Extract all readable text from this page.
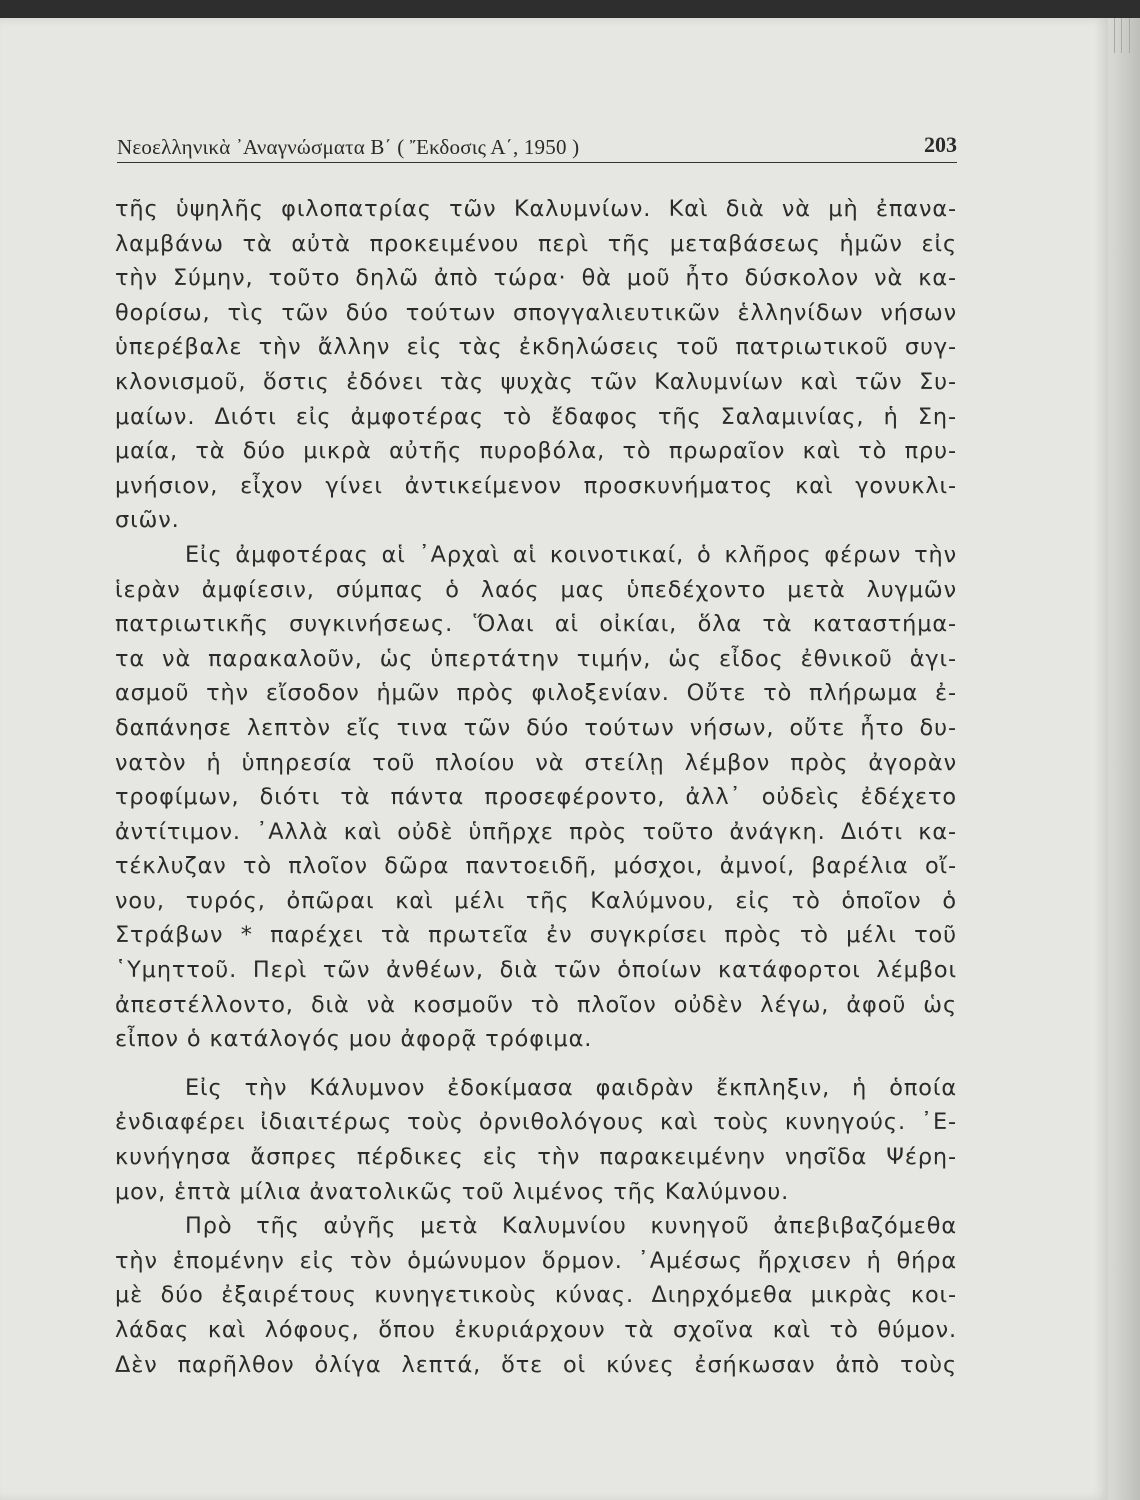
Νεοελληνικὰ ᾽Αναγνώσματα Β΄ ( Ἔκδοσις Α΄, 1950 )	203
τῆς ὑψηλῆς φιλοπατρίας τῶν Καλυμνίων. Καὶ διὰ νὰ μὴ ἐπανα-
λαμβάνω τὰ αὐτὰ προκειμένου περὶ τῆς μεταβάσεως ἡμῶν εἰς
τὴν Σύμην, τοῦτο δηλῶ ἀπὸ τώρα· θὰ μοῦ ἦτο δύσκολον νὰ κα-
θορίσω, τὶς τῶν δύο τούτων σπογγαλιευτικῶν ἑλληνίδων νήσων
ὑπερέβαλε τὴν ἄλλην εἰς τὰς ἐκδηλώσεις τοῦ πατριωτικοῦ συγ-
κλονισμοῦ, ὅστις ἐδόνει τὰς ψυχὰς τῶν Καλυμνίων καὶ τῶν Συ-
μαίων. Διότι εἰς ἀμφοτέρας τὸ ἔδαφος τῆς Σαλαμινίας, ἡ Ση-
μαία, τὰ δύο μικρὰ αὐτῆς πυροβόλα, τὸ πρωραῖον καὶ τὸ πρυ-
μνήσιον, εἶχον γίνει ἀντικείμενον προσκυνήματος καὶ γονυκλι-
σιῶν.
Εἰς ἀμφοτέρας αἱ ᾽Αρχαὶ αἱ κοινοτικαί, ὁ κλῆρος φέρων τὴν
ἱερὰν ἀμφίεσιν, σύμπας ὁ λαός μας ὑπεδέχοντο μετὰ λυγμῶν
πατριωτικῆς συγκινήσεως. Ὅλαι αἱ οἰκίαι, ὅλα τὰ καταστήμα-
τα νὰ παρακαλοῦν, ὡς ὑπερτάτην τιμήν, ὡς εἶδος ἐθνικοῦ ἁγι-
ασμοῦ τὴν εἴσοδον ἡμῶν πρὸς φιλοξενίαν. Οὔτε τὸ πλήρωμα ἐ-
δαπάνησε λεπτὸν εἴς τινα τῶν δύο τούτων νήσων, οὔτε ἦτο δυ-
νατὸν ἡ ὑπηρεσία τοῦ πλοίου νὰ στείλῃ λέμβον πρὸς ἀγορὰν
τροφίμων, διότι τὰ πάντα προσεφέροντο, ἀλλ᾽ οὐδεὶς ἐδέχετο
ἀντίτιμον. ᾽Αλλὰ καὶ οὐδὲ ὑπῆρχε πρὸς τοῦτο ἀνάγκη. Διότι κα-
τέκλυζαν τὸ πλοῖον δῶρα παντοειδῆ, μόσχοι, ἀμνοί, βαρέλια οἴ-
νου, τυρός, ὀπῶραι καὶ μέλι τῆς Καλύμνου, εἰς τὸ ὁποῖον ὁ
Στράβων * παρέχει τὰ πρωτεῖα ἐν συγκρίσει πρὸς τὸ μέλι τοῦ
῾Υμηττοῦ. Περὶ τῶν ἀνθέων, διὰ τῶν ὁποίων κατάφορτοι λέμβοι
ἀπεστέλλοντο, διὰ νὰ κοσμοῦν τὸ πλοῖον οὐδὲν λέγω, ἀφοῦ ὡς
εἶπον ὁ κατάλογός μου ἀφορᾷ τρόφιμα.
Εἰς τὴν Κάλυμνον ἐδοκίμασα φαιδρὰν ἔκπληξιν, ἡ ὁποία
ἐνδιαφέρει ἰδιαιτέρως τοὺς ὀρνιθολόγους καὶ τοὺς κυνηγούς. ᾽Ε-
κυνήγησα ἄσπρες πέρδικες εἰς τὴν παρακειμένην νησῖδα Ψέρη-
μον, ἑπτὰ μίλια ἀνατολικῶς τοῦ λιμένος τῆς Καλύμνου.
Πρὸ τῆς αὐγῆς μετὰ Καλυμνίου κυνηγοῦ ἀπεβιβαζόμεθα
τὴν ἑπομένην εἰς τὸν ὁμώνυμον ὅρμον. ᾽Αμέσως ἤρχισεν ἡ θήρα
μὲ δύο ἐξαιρέτους κυνηγετικοὺς κύνας. Διηρχόμεθα μικρὰς κοι-
λάδας καὶ λόφους, ὅπου ἐκυριάρχουν τὰ σχοῖνα καὶ τὸ θύμον.
Δὲν παρῆλθον ὀλίγα λεπτά, ὅτε οἱ κύνες ἐσήκωσαν ἀπὸ τοὺς
